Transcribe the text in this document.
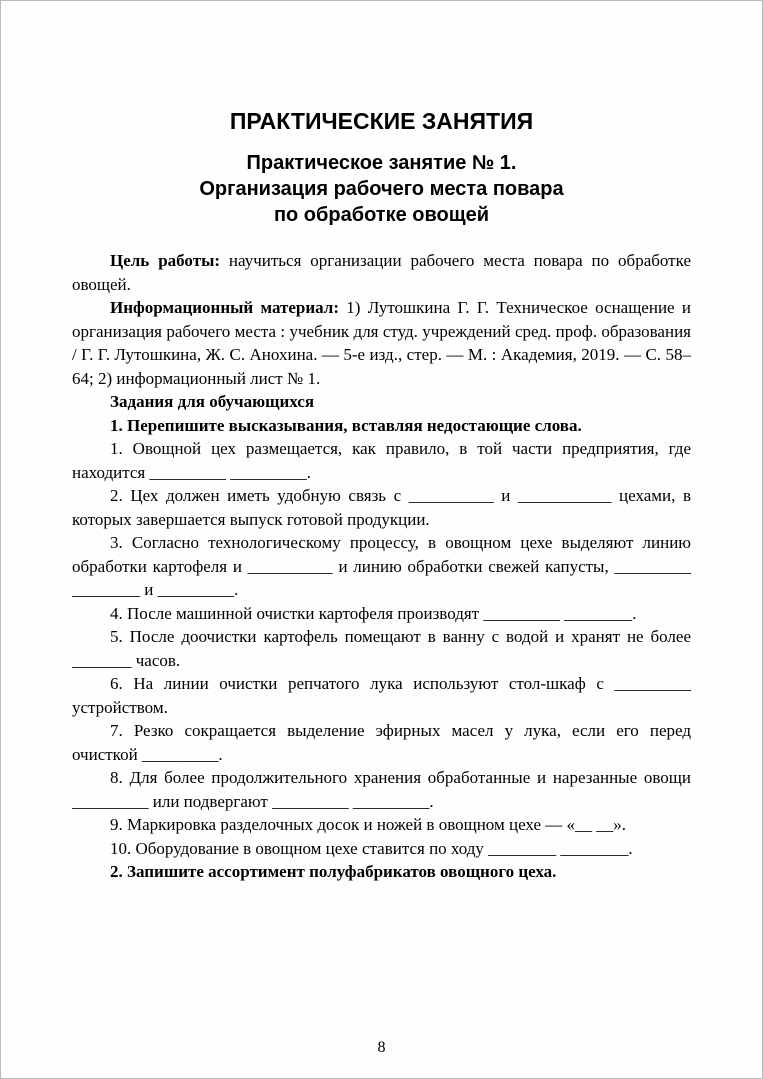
ПРАКТИЧЕСКИЕ ЗАНЯТИЯ
Практическое занятие № 1.
Организация рабочего места повара
по обработке овощей

Цель работы: научиться организации рабочего места повара по обработке овощей.

Информационный материал: 1) Лутошкина Г. Г. Техническое оснащение и организация рабочего места : учебник для студ. учреждений сред. проф. образования / Г. Г. Лутошкина, Ж. С. Анохина. — 5-е изд., стер. — М. : Академия, 2019. — С. 58–64; 2) информационный лист № 1.

Задания для обучающихся

1. Перепишите высказывания, вставляя недостающие слова.

1. Овощной цех размещается, как правило, в той части предприятия, где находится _________ _________.

2. Цех должен иметь удобную связь с __________ и ___________ цехами, в которых завершается выпуск готовой продукции.

3. Согласно технологическому процессу, в овощном цехе выделяют линию обработки картофеля и __________ и линию обработки свежей капусты, _________ ________ и _________.

4. После машинной очистки картофеля производят _________ ________.

5. После доочистки картофель помещают в ванну с водой и хранят не более _______ часов.

6. На линии очистки репчатого лука используют стол-шкаф с _________ устройством.

7. Резко сокращается выделение эфирных масел у лука, если его перед очисткой _________.

8. Для более продолжительного хранения обработанные и нарезанные овощи _________ или подвергают _________ _________.

9. Маркировка разделочных досок и ножей в овощном цехе — «__ __».

10. Оборудование в овощном цехе ставится по ходу ________ ________.

2. Запишите ассортимент полуфабрикатов овощного цеха.

8
